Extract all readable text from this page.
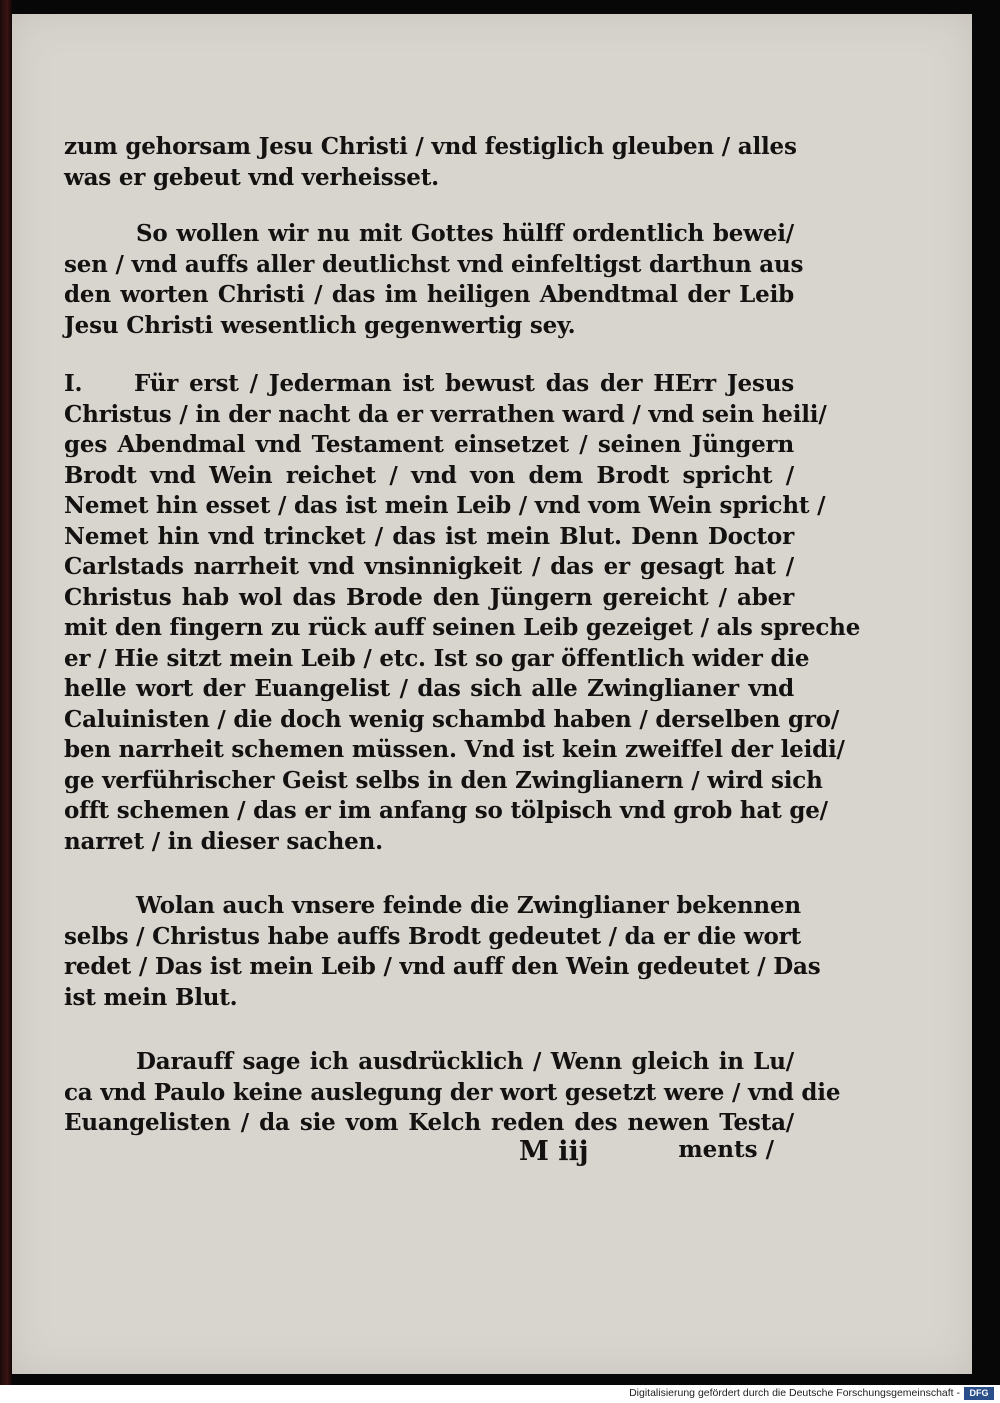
zum gehorsam Jesu Christi / vnd festiglich gleuben / alles
was er gebeut vnd verheisset.
So wollen wir nu mit Gottes hülff ordentlich bewei/
sen / vnd auffs aller deutlichst vnd einfeltigst darthun aus
den worten Christi / das im heiligen Abendtmal der Leib
Jesu Christi wesentlich gegenwertig sey.
I. Für erst / Jederman ist bewust das der HErr Jesus
Christus / in der nacht da er verrathen ward / vnd sein heili/
ges Abendmal vnd Testament einsetzet / seinen Jüngern
Brodt vnd Wein reichet / vnd von dem Brodt spricht /
Nemet hin esset / das ist mein Leib / vnd vom Wein spricht /
Nemet hin vnd trincket / das ist mein Blut. Denn Doctor
Carlstads narrheit vnd vnsinnigkeit / das er gesagt hat /
Christus hab wol das Brode den Jüngern gereicht / aber
mit den fingern zu rück auff seinen Leib gezeiget / als spreche
er / Hie sitzt mein Leib / etc. Ist so gar öffentlich wider die
helle wort der Euangelist / das sich alle Zwinglianer vnd
Caluinisten / die doch wenig schambd haben / derselben gro/
ben narrheit schemen müssen. Vnd ist kein zweiffel der leidi/
ge verführischer Geist selbs in den Zwinglianern / wird sich
offt schemen / das er im anfang so tölpisch vnd grob hat ge/
narret / in dieser sachen.
Wolan auch vnsere feinde die Zwinglianer bekennen
selbs / Christus habe auffs Brodt gedeutet / da er die wort
redet / Das ist mein Leib / vnd auff den Wein gedeutet / Das
ist mein Blut.
Darauff sage ich ausdrücklich / Wenn gleich in Lu/
ca vnd Paulo keine auslegung der wort gesetzt were / vnd die
Euangelisten / da sie vom Kelch reden des newen Testa/
M iij	ments /
Digitalisierung gefördert durch die Deutsche Forschungsgemeinschaft -	DFG
